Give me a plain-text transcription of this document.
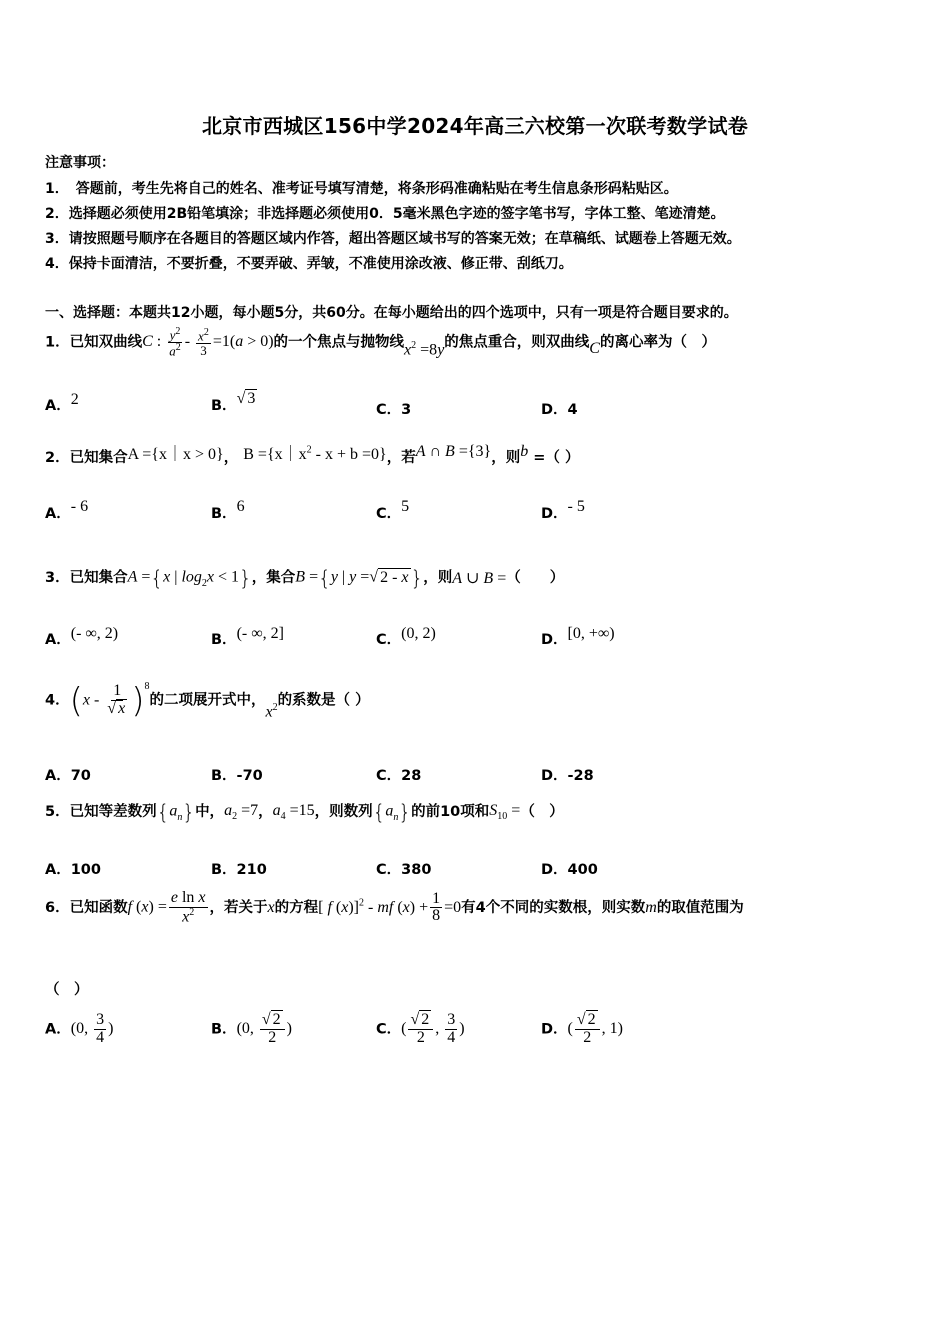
北京市西城区156中学2024年高三六校第一次联考数学试卷
注意事项：
1．　答题前，考生先将自己的姓名、准考证号填写清楚，将条形码准确粘贴在考生信息条形码粘贴区。
2．选择题必须使用2B铅笔填涂；非选择题必须使用0．5毫米黑色字迹的签字笔书写，字体工整、笔迹清楚。
3．请按照题号顺序在各题目的答题区域内作答，超出答题区域书写的答案无效；在草稿纸、试题卷上答题无效。
4．保持卡面清洁，不要折叠，不要弄破、弄皱，不准使用涂改液、修正带、刮纸刀。
一、选择题：本题共12小题，每小题5分，共60分。在每小题给出的四个选项中，只有一项是符合题目要求的。
1．已知双曲线C : $\frac{y^2}{a^2} - \frac{x^2}{3} =1(a > 0)$的一个焦点与抛物线$x^2 =8y$的焦点重合，则双曲线C的离心率为（　）
A．2	B．√ 3
C．3	D．4
2．已知集合A ={x｜x > 0}， $B =\{x|x^2 - x + b =0\}$，若A ∩ B ={3}，则b =（ ）
A．- 6	B．6	C．5	D．- 5
3．已知集合A ={x | $\log_2x < 1$}，集合B ={y | y =√ 2 - x }，则A ∪ B =（　　）
A．(- ∞, 2)	B．(- ∞, 2]	C．(0, 2)	D．[0, +∞)
4．$(x - \frac{1}{√ x} )^8$的二项展开式中，$x^2$的系数是（ ）
A．70	B．-70	C．28	D．-28
5．已知等差数列$\{a_n\}$中，$a_2 =7$，$a_4 =15$，则数列$\{a_n\}$的前10项和$S_{10}$ =（　）
A．100	B．210	C．380	D．400
6．已知函数f $(x) = \frac{\text{e ln x}}{x^2}$ ，若关于x的方程[ f (x)]$^2$ - mf $(x) + \frac{1}{8} =0$有4个不同的实数根，则实数m的取值范围为
（　）
A．(0, $\frac{3}{4}$ )	B．(0, $\frac{√ 2}{2}$ )	C．( $\frac{√ 2}{2}$ , $\frac{3}{4}$ )	D．( $\frac{√ 2}{2}$ , 1)
